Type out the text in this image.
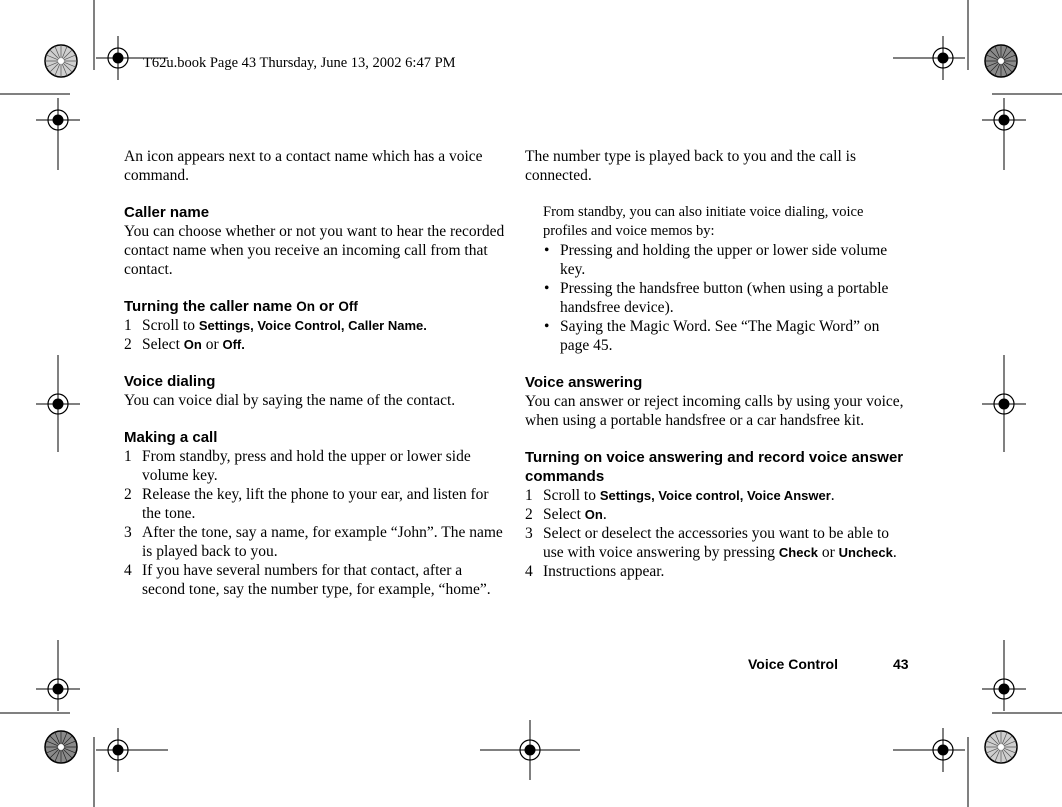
T62u.book Page 43 Thursday, June 13, 2002 6:47 PM

An icon appears next to a contact name which has a voice command.

Caller name

You can choose whether or not you want to hear the recorded contact name when you receive an incoming call from that contact.

Turning the caller name On or Off
1 Scroll to Settings, Voice Control, Caller Name.
2 Select On or Off.
Voice dialing

You can voice dial by saying the name of the contact.

Making a call
1 From standby, press and hold the upper or lower side volume key.
2 Release the key, lift the phone to your ear, and listen for the tone.
3 After the tone, say a name, for example “John”. The name is played back to you.
4 If you have several numbers for that contact, after a second tone, say the number type, for example, “home”.

The number type is played back to you and the call is connected.

From standby, you can also initiate voice dialing, voice profiles and voice memos by:

• Pressing and holding the upper or lower side volume key.
• Pressing the handsfree button (when using a portable handsfree device).
• Saying the Magic Word. See “The Magic Word” on page 45.
Voice answering

You can answer or reject incoming calls by using your voice, when using a portable handsfree or a car handsfree kit.

Turning on voice answering and record voice answer commands
1 Scroll to Settings, Voice control, Voice Answer.
2 Select On.
3 Select or deselect the accessories you want to be able to use with voice answering by pressing Check or Uncheck.
4 Instructions appear.
Voice Control	43
